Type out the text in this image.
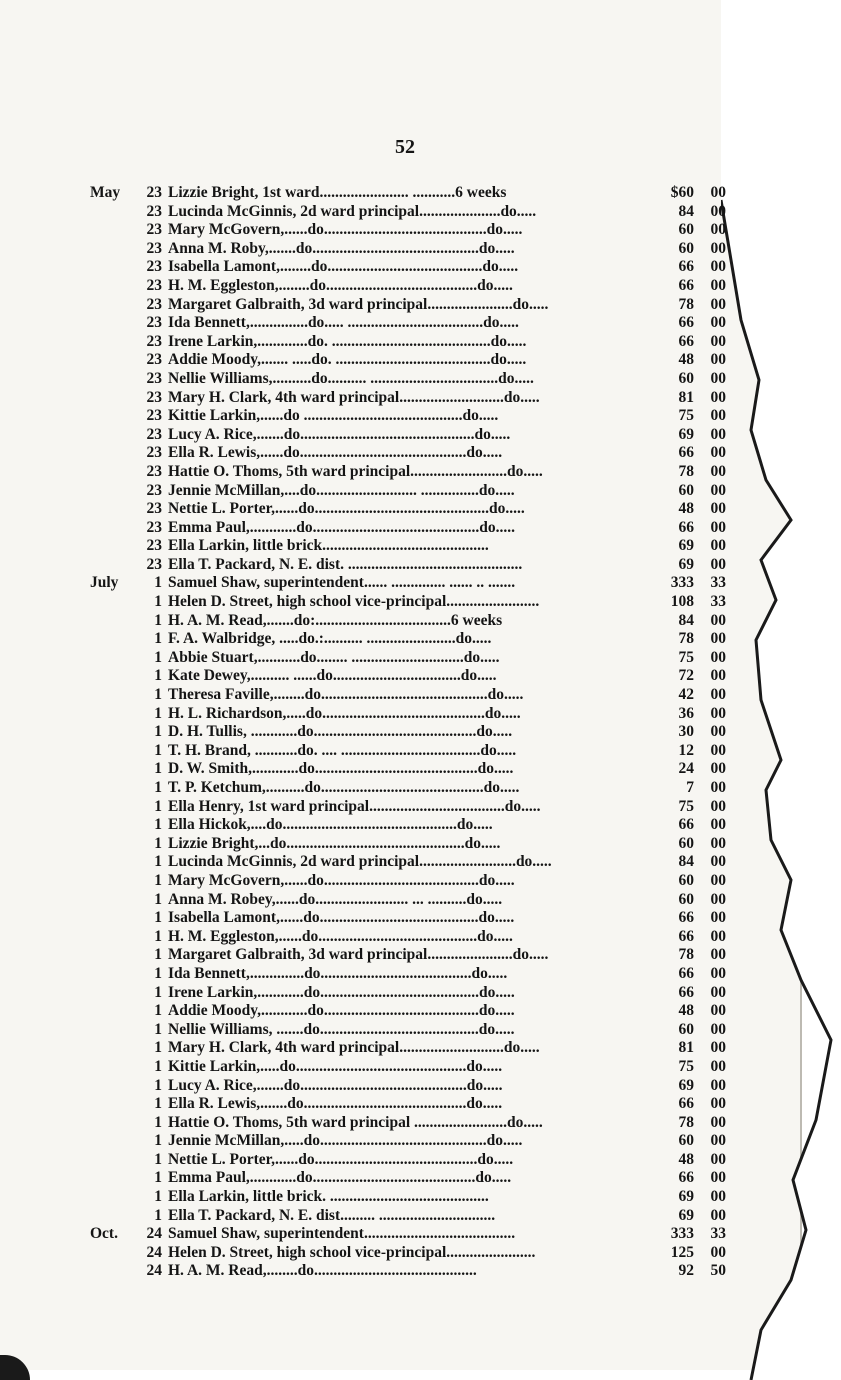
52
May	23 Lizzie Bright, 1st ward....................... ...........6 weeks	$60	00
23 Lucinda McGinnis, 2d ward principal.....................do.....	84	00
23 Mary McGovern,......do..........................................do.....	60	00
23 Anna M. Roby,.......do...........................................do.....	60	00
23 Isabella Lamont,........do........................................do.....	66	00
23 H. M. Eggleston,........do.......................................do.....	66	00
23 Margaret Galbraith, 3d ward principal......................do.....	78	00
23 Ida Bennett,...............do..... ...................................do.....	66	00
23 Irene Larkin,.............do. .........................................do.....	66	00
23 Addie Moody,....... .....do. ........................................do.....	48	00
23 Nellie Williams,..........do.......... .................................do.....	60	00
23 Mary H. Clark, 4th ward principal...........................do.....	81	00
23 Kittie Larkin,......do .........................................do.....	75	00
23 Lucy A. Rice,.......do.............................................do.....	69	00
23 Ella R. Lewis,......do...........................................do.....	66	00
23 Hattie O. Thoms, 5th ward principal.........................do.....	78	00
23 Jennie McMillan,....do.......................... ...............do.....	60	00
23 Nettie L. Porter,......do.............................................do.....	48	00
23 Emma Paul,............do...........................................do.....	66	00
23 Ella Larkin, little brick...........................................	69	00
23 Ella T. Packard, N. E. dist. .............................................	69	00
July	1 Samuel Shaw, superintendent...... .............. ...... .. .......	333	33
1 Helen D. Street, high school vice-principal........................	108	33
1 H. A. M. Read,.......do:...................................6 weeks	84	00
1 F. A. Walbridge, .....do.:.......... .......................do.....	78	00
1 Abbie Stuart,...........do........ .............................do.....	75	00
1 Kate Dewey,.......... ......do.................................do.....	72	00
1 Theresa Faville,........do...........................................do.....	42	00
1 H. L. Richardson,.....do..........................................do.....	36	00
1 D. H. Tullis, ............do..........................................do.....	30	00
1 T. H. Brand, ...........do. .... ....................................do.....	12	00
1 D. W. Smith,............do..........................................do.....	24	00
1 T. P. Ketchum,..........do..........................................do.....	7	00
1 Ella Henry, 1st ward principal...................................do.....	75	00
1 Ella Hickok,....do.............................................do.....	66	00
1 Lizzie Bright,...do..............................................do.....	60	00
1 Lucinda McGinnis, 2d ward principal.........................do.....	84	00
1 Mary McGovern,......do........................................do.....	60	00
1 Anna M. Robey,......do........................ ... ..........do.....	60	00
1 Isabella Lamont,......do.........................................do.....	66	00
1 H. M. Eggleston,......do.........................................do.....	66	00
1 Margaret Galbraith, 3d ward principal......................do.....	78	00
1 Ida Bennett,..............do.......................................do.....	66	00
1 Irene Larkin,............do.........................................do.....	66	00
1 Addie Moody,............do........................................do.....	48	00
1 Nellie Williams, .......do.........................................do.....	60	00
1 Mary H. Clark, 4th ward principal...........................do.....	81	00
1 Kittie Larkin,.....do............................................do.....	75	00
1 Lucy A. Rice,.......do...........................................do.....	69	00
1 Ella R. Lewis,.......do..........................................do.....	66	00
1 Hattie O. Thoms, 5th ward principal ........................do.....	78	00
1 Jennie McMillan,.....do...........................................do.....	60	00
1 Nettie L. Porter,......do..........................................do.....	48	00
1 Emma Paul,............do..........................................do.....	66	00
1 Ella Larkin, little brick. .........................................	69	00
1 Ella T. Packard, N. E. dist......... ..............................	69	00
Oct.	24 Samuel Shaw, superintendent.......................................	333	33
24 Helen D. Street, high school vice-principal.......................	125	00
24 H. A. M. Read,........do..........................................	92	50
